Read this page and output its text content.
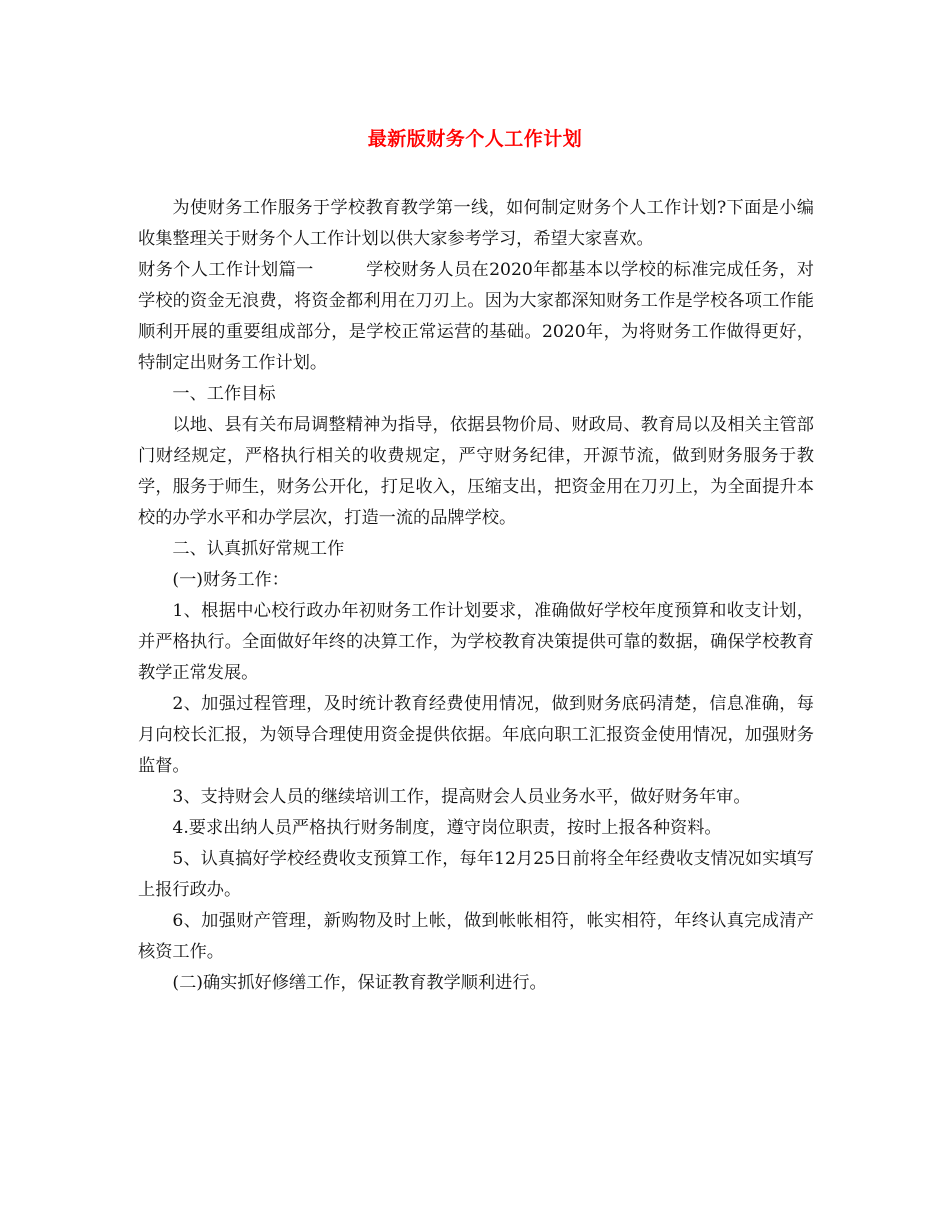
最新版财务个人工作计划

为使财务工作服务于学校教育教学第一线，如何制定财务个人工作计划?下面是小编收集整理关于财务个人工作计划以供大家参考学习，希望大家喜欢。

财务个人工作计划篇一	学校财务人员在2020年都基本以学校的标准完成任务，对学校的资金无浪费，将资金都利用在刀刃上。因为大家都深知财务工作是学校各项工作能顺利开展的重要组成部分，是学校正常运营的基础。2020年，为将财务工作做得更好，特制定出财务工作计划。

一、工作目标

以地、县有关布局调整精神为指导，依据县物价局、财政局、教育局以及相关主管部门财经规定，严格执行相关的收费规定，严守财务纪律，开源节流，做到财务服务于教学，服务于师生，财务公开化，打足收入，压缩支出，把资金用在刀刃上，为全面提升本校的办学水平和办学层次，打造一流的品牌学校。

二、认真抓好常规工作

(一)财务工作：

1、根据中心校行政办年初财务工作计划要求，准确做好学校年度预算和收支计划，并严格执行。全面做好年终的决算工作，为学校教育决策提供可靠的数据，确保学校教育教学正常发展。

2、加强过程管理，及时统计教育经费使用情况，做到财务底码清楚，信息准确，每月向校长汇报，为领导合理使用资金提供依据。年底向职工汇报资金使用情况，加强财务监督。

3、支持财会人员的继续培训工作，提高财会人员业务水平，做好财务年审。

4.要求出纳人员严格执行财务制度，遵守岗位职责，按时上报各种资料。

5、认真搞好学校经费收支预算工作，每年12月25日前将全年经费收支情况如实填写上报行政办。

6、加强财产管理，新购物及时上帐，做到帐帐相符，帐实相符，年终认真完成清产核资工作。

(二)确实抓好修缮工作，保证教育教学顺利进行。
